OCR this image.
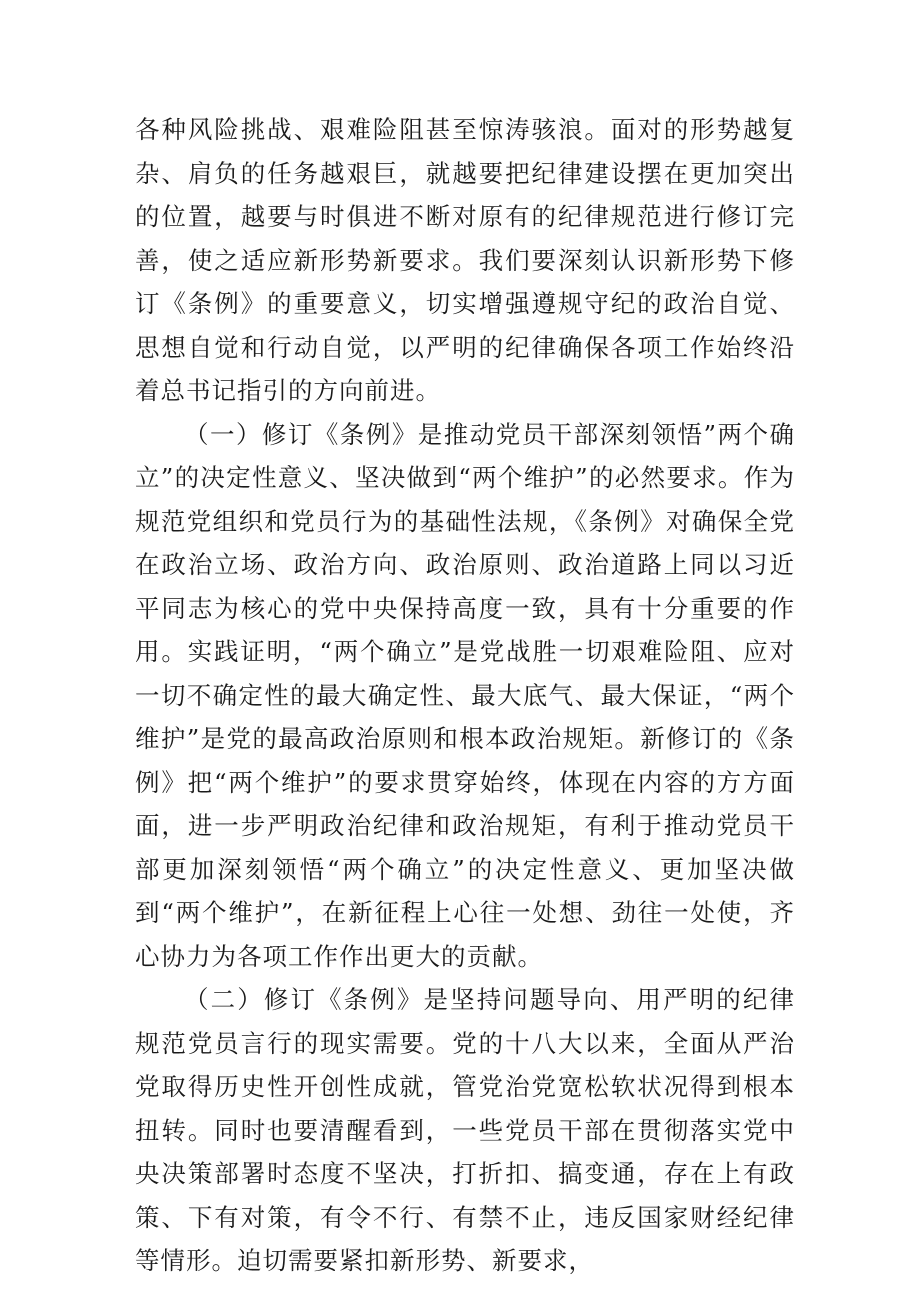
各种风险挑战、艰难险阻甚至惊涛骇浪。面对的形势越复杂、肩负的任务越艰巨，就越要把纪律建设摆在更加突出的位置，越要与时俱进不断对原有的纪律规范进行修订完善，使之适应新形势新要求。我们要深刻认识新形势下修订《条例》的重要意义，切实增强遵规守纪的政治自觉、思想自觉和行动自觉，以严明的纪律确保各项工作始终沿着总书记指引的方向前进。

（一）修订《条例》是推动党员干部深刻领悟”两个确立”的决定性意义、坚决做到“两个维护”的必然要求。作为规范党组织和党员行为的基础性法规，《条例》对确保全党在政治立场、政治方向、政治原则、政治道路上同以习近平同志为核心的党中央保持高度一致，具有十分重要的作用。实践证明，“两个确立”是党战胜一切艰难险阻、应对一切不确定性的最大确定性、最大底气、最大保证，“两个维护”是党的最高政治原则和根本政治规矩。新修订的《条例》把“两个维护”的要求贯穿始终，体现在内容的方方面面，进一步严明政治纪律和政治规矩，有利于推动党员干部更加深刻领悟“两个确立”的决定性意义、更加坚决做到“两个维护”，在新征程上心往一处想、劲往一处使，齐心协力为各项工作作出更大的贡献。

（二）修订《条例》是坚持问题导向、用严明的纪律规范党员言行的现实需要。党的十八大以来，全面从严治党取得历史性开创性成就，管党治党宽松软状况得到根本扭转。同时也要清醒看到，一些党员干部在贯彻落实党中央决策部署时态度不坚决，打折扣、搞变通，存在上有政策、下有对策，有令不行、有禁不止，违反国家财经纪律等情形。迫切需要紧扣新形势、新要求，
